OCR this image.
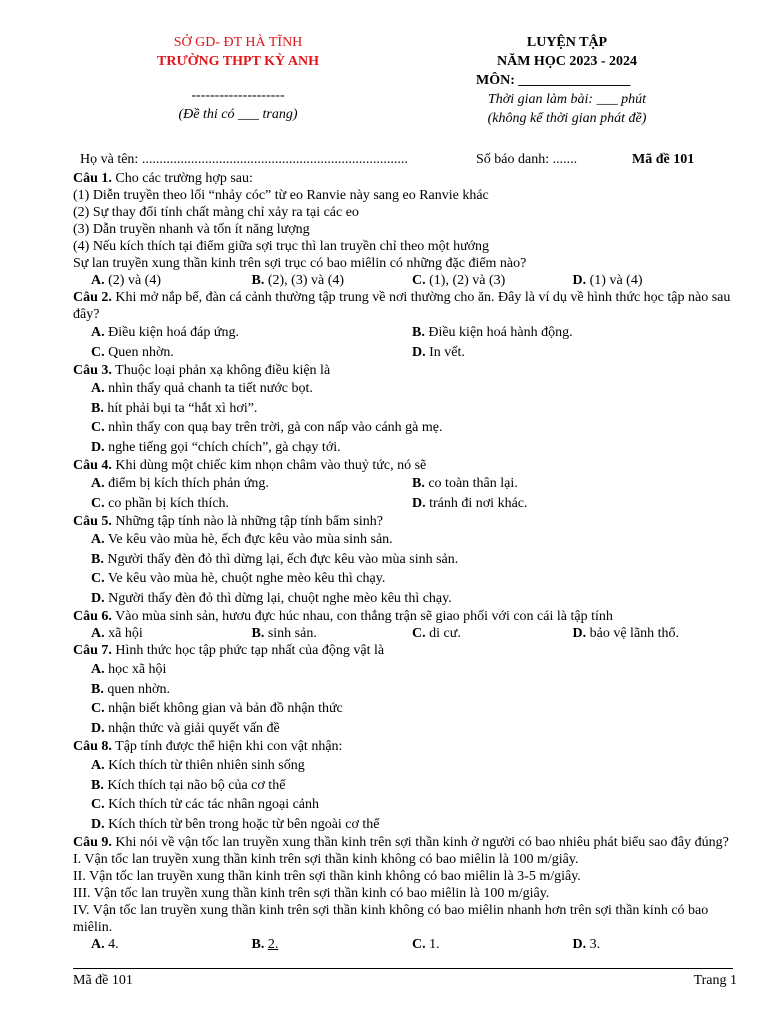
SỞ GD- ĐT HÀ TĨNH
TRƯỜNG THPT KỲ ANH
--------------------
(Đề thi có ___ trang)
LUYỆN TẬP
NĂM HỌC 2023 - 2024
MÔN: ________________
Thời gian làm bài: ___ phút
(không kể thời gian phát đề)
Họ và tên: ............................................................................	Số báo danh: .......	Mã đề 101
Câu 1. Cho các trường hợp sau:
(1) Diễn truyền theo lối “nhảy cóc” từ eo Ranvie này sang eo Ranvie khác
(2) Sự thay đổi tính chất màng chỉ xảy ra tại các eo
(3) Dẫn truyền nhanh và tốn ít năng lượng
(4) Nếu kích thích tại điểm giữa sợi trục thì lan truyền chỉ theo một hướng
Sự lan truyền xung thần kinh trên sợi trục có bao miêlin có những đặc điểm nào?
A. (2) và (4)	B. (2), (3) và (4)	C. (1), (2) và (3)	D. (1) và (4)
Câu 2. Khi mở nắp bể, đàn cá cảnh thường tập trung về nơi thường cho ăn. Đây là ví dụ về hình thức học tập nào sau đây?
A. Điều kiện hoá đáp ứng.	B. Điều kiện hoá hành động.
C. Quen nhờn.	D. In vết.
Câu 3. Thuộc loại phản xạ không điều kiện là
A. nhìn thấy quả chanh ta tiết nước bọt.
B. hít phải bụi ta “hắt xì hơi”.
C. nhìn thấy con quạ bay trên trời, gà con nấp vào cánh gà mẹ.
D. nghe tiếng gọi “chích chích”, gà chạy tới.
Câu 4. Khi dùng một chiếc kim nhọn châm vào thuỷ tức, nó sẽ
A. điểm bị kích thích phản ứng.	B. co toàn thân lại.
C. co phần bị kích thích.	D. tránh đi nơi khác.
Câu 5. Những tập tính nào là những tập tính bẩm sinh?
A. Ve kêu vào mùa hè, ếch đực kêu vào mùa sinh sản.
B. Người thấy đèn đỏ thì dừng lại, ếch đực kêu vào mùa sinh sản.
C. Ve kêu vào mùa hè, chuột nghe mèo kêu thì chạy.
D. Người thấy đèn đỏ thì dừng lại, chuột nghe mèo kêu thì chạy.
Câu 6. Vào mùa sinh sản, hươu đực húc nhau, con thắng trận sẽ giao phối với con cái là tập tính
A. xã hội	B. sinh sản.	C. di cư.	D. bảo vệ lãnh thổ.
Câu 7. Hình thức học tập phức tạp nhất của động vật là
A. học xã hội
B. quen nhờn.
C. nhận biết không gian và bản đồ nhận thức
D. nhận thức và giải quyết vấn đề
Câu 8. Tập tính được thể hiện khi con vật nhận:
A. Kích thích từ thiên nhiên sinh sống
B. Kích thích tại não bộ của cơ thể
C. Kích thích từ các tác nhân ngoại cảnh
D. Kích thích từ bên trong hoặc từ bên ngoài cơ thể
Câu 9. Khi nói về vận tốc lan truyền xung thần kinh trên sợi thần kinh ở người có bao nhiêu phát biểu sao đây đúng?
I. Vận tốc lan truyền xung thần kinh trên sợi thần kinh không có bao miêlin là 100 m/giây.
II. Vận tốc lan truyền xung thần kinh trên sợi thần kinh không có bao miêlin là 3-5 m/giây.
III. Vận tốc lan truyền xung thần kinh trên sợi thần kinh có bao miêlin là 100 m/giây.
IV. Vận tốc lan truyền xung thần kinh trên sợi thần kinh không có bao miêlin nhanh hơn trên sợi thần kinh có bao miêlin.
A. 4.	B. 2.	C. 1.	D. 3.
Mã đề 101	Trang 1
